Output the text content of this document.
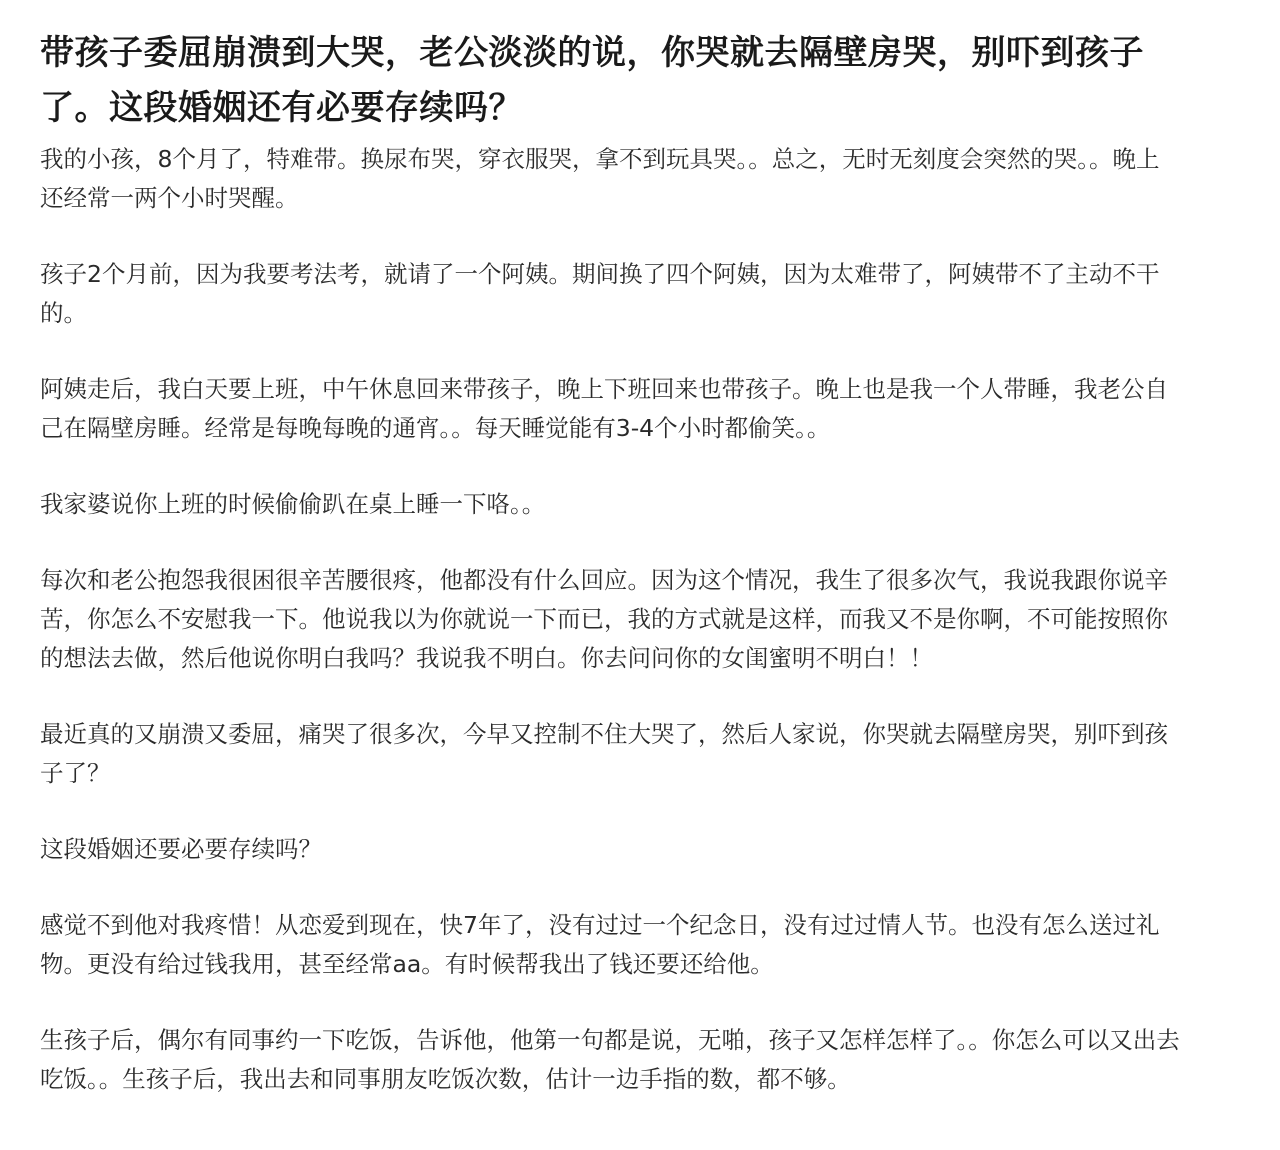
带孩子委屈崩溃到大哭，老公淡淡的说，你哭就去隔壁房哭，别吓到孩子了。这段婚姻还有必要存续吗？

我的小孩，8个月了，特难带。换尿布哭，穿衣服哭，拿不到玩具哭。。总之，无时无刻度会突然的哭。。晚上还经常一两个小时哭醒。

孩子2个月前，因为我要考法考，就请了一个阿姨。期间换了四个阿姨，因为太难带了，阿姨带不了主动不干的。

阿姨走后，我白天要上班，中午休息回来带孩子，晚上下班回来也带孩子。晚上也是我一个人带睡，我老公自己在隔壁房睡。经常是每晚每晚的通宵。。每天睡觉能有3-4个小时都偷笑。。

我家婆说你上班的时候偷偷趴在桌上睡一下咯。。

每次和老公抱怨我很困很辛苦腰很疼，他都没有什么回应。因为这个情况，我生了很多次气，我说我跟你说辛苦，你怎么不安慰我一下。他说我以为你就说一下而已，我的方式就是这样，而我又不是你啊，不可能按照你的想法去做，然后他说你明白我吗？我说我不明白。你去问问你的女闺蜜明不明白！！

最近真的又崩溃又委屈，痛哭了很多次，今早又控制不住大哭了，然后人家说，你哭就去隔壁房哭，别吓到孩子了？

这段婚姻还要必要存续吗？

感觉不到他对我疼惜！从恋爱到现在，快7年了，没有过过一个纪念日，没有过过情人节。也没有怎么送过礼物。更没有给过钱我用，甚至经常aa。有时候帮我出了钱还要还给他。

生孩子后，偶尔有同事约一下吃饭，告诉他，他第一句都是说，无啪，孩子又怎样怎样了。。你怎么可以又出去吃饭。。生孩子后，我出去和同事朋友吃饭次数，估计一边手指的数，都不够。
